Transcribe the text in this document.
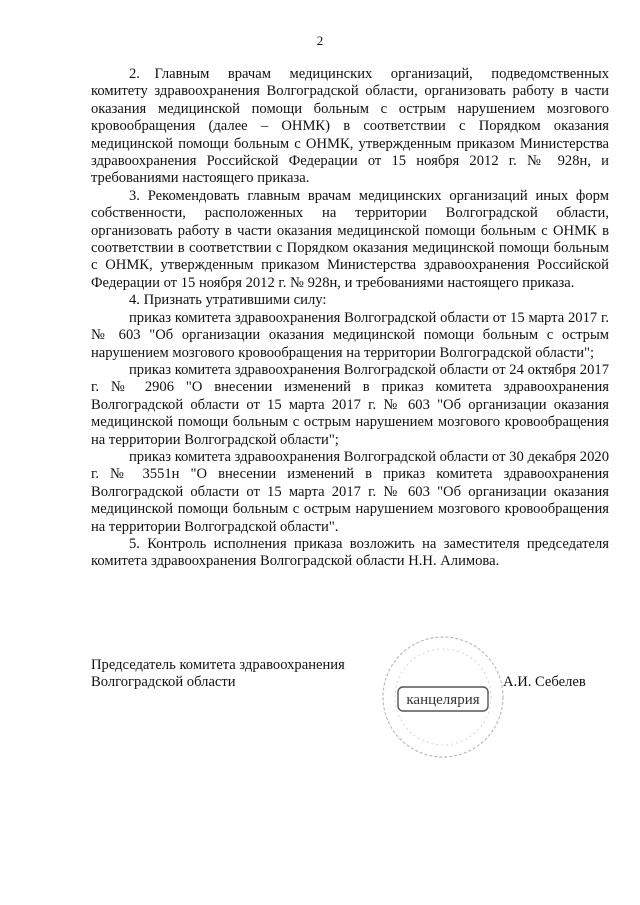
2

2. Главным врачам медицинских организаций, подведомственных комитету здравоохранения Волгоградской области, организовать работу в части оказания медицинской помощи больным с острым нарушением мозгового кровообращения (далее – ОНМК) в соответствии с Порядком оказания медицинской помощи больным с ОНМК, утвержденным приказом Министерства здравоохранения Российской Федерации от 15 ноября 2012 г. № 928н, и требованиями настоящего приказа.

3. Рекомендовать главным врачам медицинских организаций иных форм собственности, расположенных на территории Волгоградской области, организовать работу в части оказания медицинской помощи больным с ОНМК в соответствии в соответствии с Порядком оказания медицинской помощи больным с ОНМК, утвержденным приказом Министерства здравоохранения Российской Федерации от 15 ноября 2012 г. № 928н, и требованиями настоящего приказа.

4. Признать утратившими силу:

приказ комитета здравоохранения Волгоградской области от 15 марта 2017 г. № 603 "Об организации оказания медицинской помощи больным с острым нарушением мозгового кровообращения на территории Волгоградской области";

приказ комитета здравоохранения Волгоградской области от 24 октября 2017 г. № 2906 "О внесении изменений в приказ комитета здравоохранения Волгоградской области от 15 марта 2017 г. № 603 "Об организации оказания медицинской помощи больным с острым нарушением мозгового кровообращения на территории Волгоградской области";

приказ комитета здравоохранения Волгоградской области от 30 декабря 2020 г. № 3551н "О внесении изменений в приказ комитета здравоохранения Волгоградской области от 15 марта 2017 г. № 603 "Об организации оказания медицинской помощи больным с острым нарушением мозгового кровообращения на территории Волгоградской области".

5. Контроль исполнения приказа возложить на заместителя председателя комитета здравоохранения Волгоградской области Н.Н. Алимова.

Председатель комитета здравоохранения
Волгоградской области
канцелярия
А.И. Себелев
